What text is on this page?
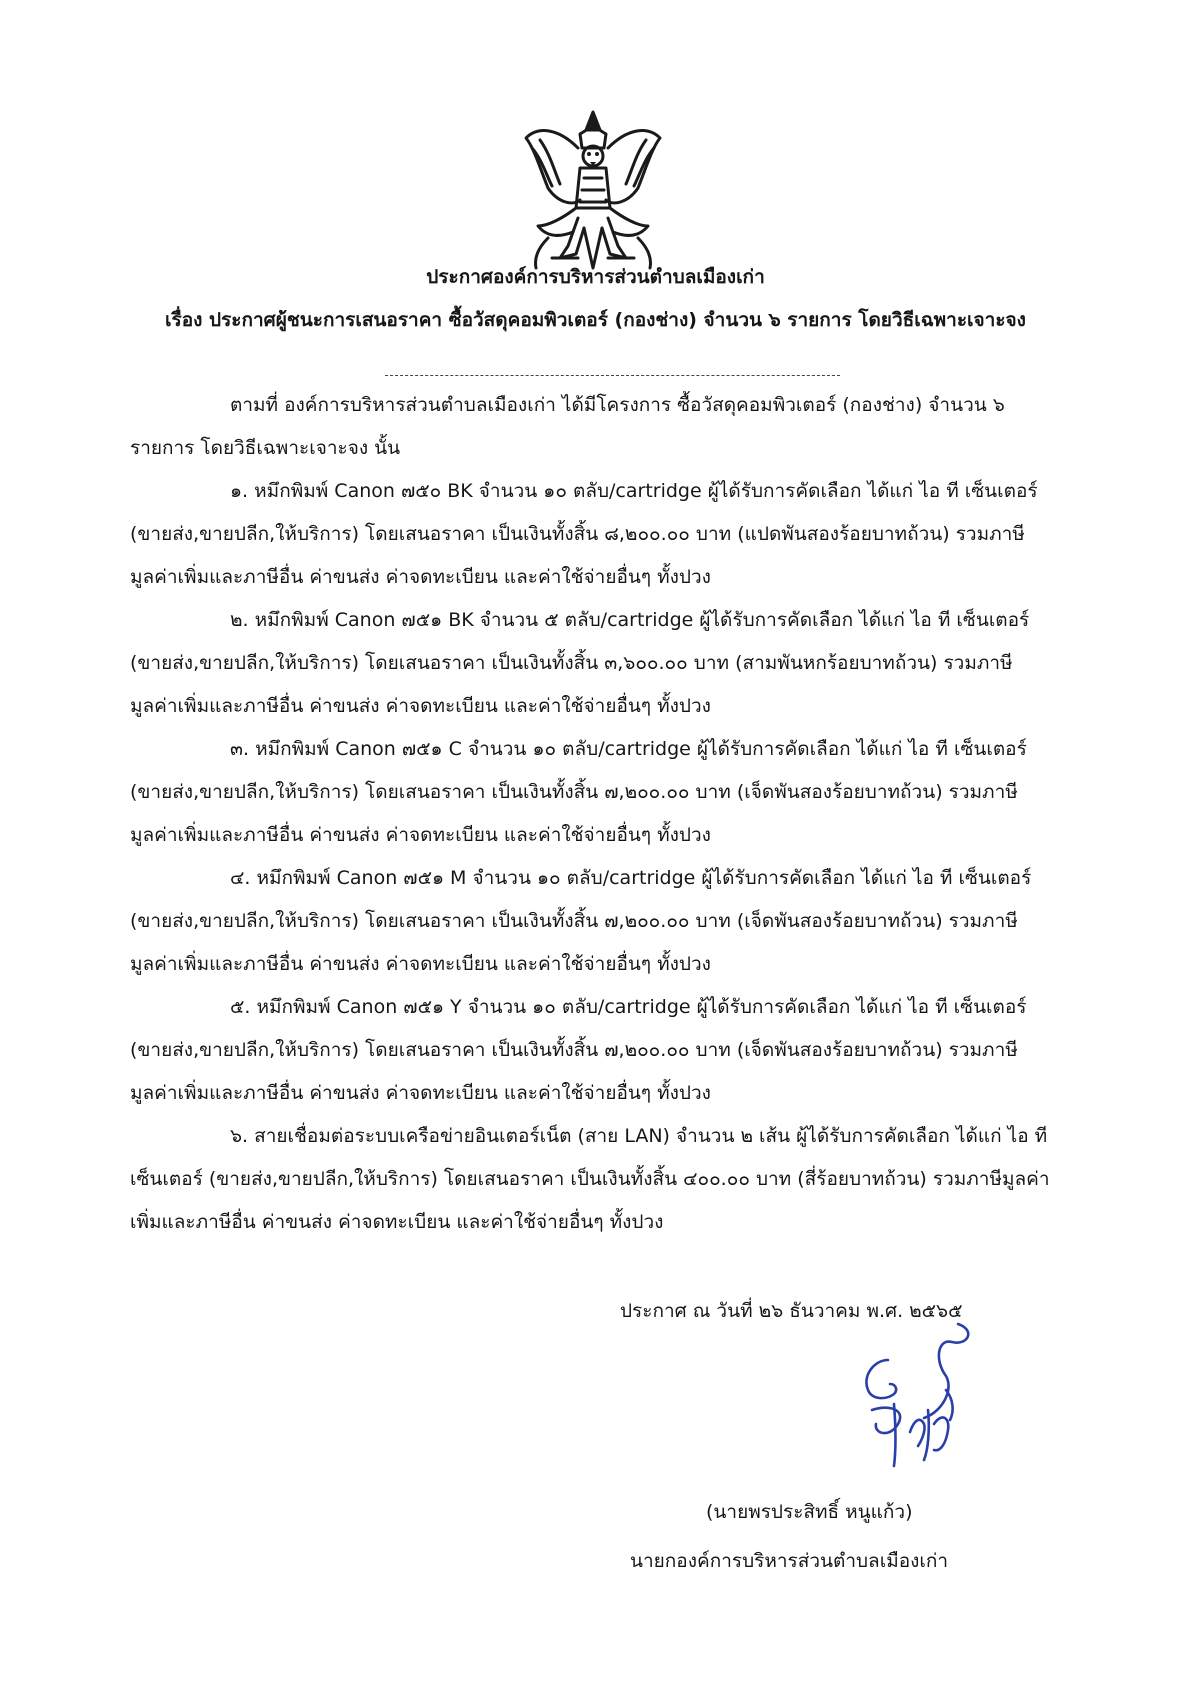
ประกาศองค์การบริหารส่วนตำบลเมืองเก่า
เรื่อง ประกาศผู้ชนะการเสนอราคา ซื้อวัสดุคอมพิวเตอร์ (กองช่าง) จำนวน ๖ รายการ โดยวิธีเฉพาะเจาะจง
ตามที่ องค์การบริหารส่วนตำบลเมืองเก่า ได้มีโครงการ ซื้อวัสดุคอมพิวเตอร์ (กองช่าง) จำนวน ๖
รายการ โดยวิธีเฉพาะเจาะจง นั้น
๑. หมึกพิมพ์ Canon ๗๕๐ BK จำนวน ๑๐ ตลับ/cartridge ผู้ได้รับการคัดเลือก ได้แก่ ไอ ที เซ็นเตอร์
(ขายส่ง,ขายปลีก,ให้บริการ) โดยเสนอราคา เป็นเงินทั้งสิ้น ๘,๒๐๐.๐๐ บาท (แปดพันสองร้อยบาทถ้วน) รวมภาษี
มูลค่าเพิ่มและภาษีอื่น ค่าขนส่ง ค่าจดทะเบียน และค่าใช้จ่ายอื่นๆ ทั้งปวง
๒. หมึกพิมพ์ Canon ๗๕๑ BK จำนวน ๕ ตลับ/cartridge ผู้ได้รับการคัดเลือก ได้แก่ ไอ ที เซ็นเตอร์
(ขายส่ง,ขายปลีก,ให้บริการ) โดยเสนอราคา เป็นเงินทั้งสิ้น ๓,๖๐๐.๐๐ บาท (สามพันหกร้อยบาทถ้วน) รวมภาษี
มูลค่าเพิ่มและภาษีอื่น ค่าขนส่ง ค่าจดทะเบียน และค่าใช้จ่ายอื่นๆ ทั้งปวง
๓. หมึกพิมพ์ Canon ๗๕๑ C จำนวน ๑๐ ตลับ/cartridge ผู้ได้รับการคัดเลือก ได้แก่ ไอ ที เซ็นเตอร์
(ขายส่ง,ขายปลีก,ให้บริการ) โดยเสนอราคา เป็นเงินทั้งสิ้น ๗,๒๐๐.๐๐ บาท (เจ็ดพันสองร้อยบาทถ้วน) รวมภาษี
มูลค่าเพิ่มและภาษีอื่น ค่าขนส่ง ค่าจดทะเบียน และค่าใช้จ่ายอื่นๆ ทั้งปวง
๔. หมึกพิมพ์ Canon ๗๕๑ M จำนวน ๑๐ ตลับ/cartridge ผู้ได้รับการคัดเลือก ได้แก่ ไอ ที เซ็นเตอร์
(ขายส่ง,ขายปลีก,ให้บริการ) โดยเสนอราคา เป็นเงินทั้งสิ้น ๗,๒๐๐.๐๐ บาท (เจ็ดพันสองร้อยบาทถ้วน) รวมภาษี
มูลค่าเพิ่มและภาษีอื่น ค่าขนส่ง ค่าจดทะเบียน และค่าใช้จ่ายอื่นๆ ทั้งปวง
๕. หมึกพิมพ์ Canon ๗๕๑ Y จำนวน ๑๐ ตลับ/cartridge ผู้ได้รับการคัดเลือก ได้แก่ ไอ ที เซ็นเตอร์
(ขายส่ง,ขายปลีก,ให้บริการ) โดยเสนอราคา เป็นเงินทั้งสิ้น ๗,๒๐๐.๐๐ บาท (เจ็ดพันสองร้อยบาทถ้วน) รวมภาษี
มูลค่าเพิ่มและภาษีอื่น ค่าขนส่ง ค่าจดทะเบียน และค่าใช้จ่ายอื่นๆ ทั้งปวง
๖. สายเชื่อมต่อระบบเครือข่ายอินเตอร์เน็ต (สาย LAN) จำนวน ๒ เส้น ผู้ได้รับการคัดเลือก ได้แก่ ไอ ที
เซ็นเตอร์ (ขายส่ง,ขายปลีก,ให้บริการ) โดยเสนอราคา เป็นเงินทั้งสิ้น ๔๐๐.๐๐ บาท (สี่ร้อยบาทถ้วน) รวมภาษีมูลค่า
เพิ่มและภาษีอื่น ค่าขนส่ง ค่าจดทะเบียน และค่าใช้จ่ายอื่นๆ ทั้งปวง
ประกาศ ณ วันที่ ๒๖ ธันวาคม พ.ศ. ๒๕๖๕
(นายพรประสิทธิ์ หนูแก้ว)
นายกองค์การบริหารส่วนตำบลเมืองเก่า
